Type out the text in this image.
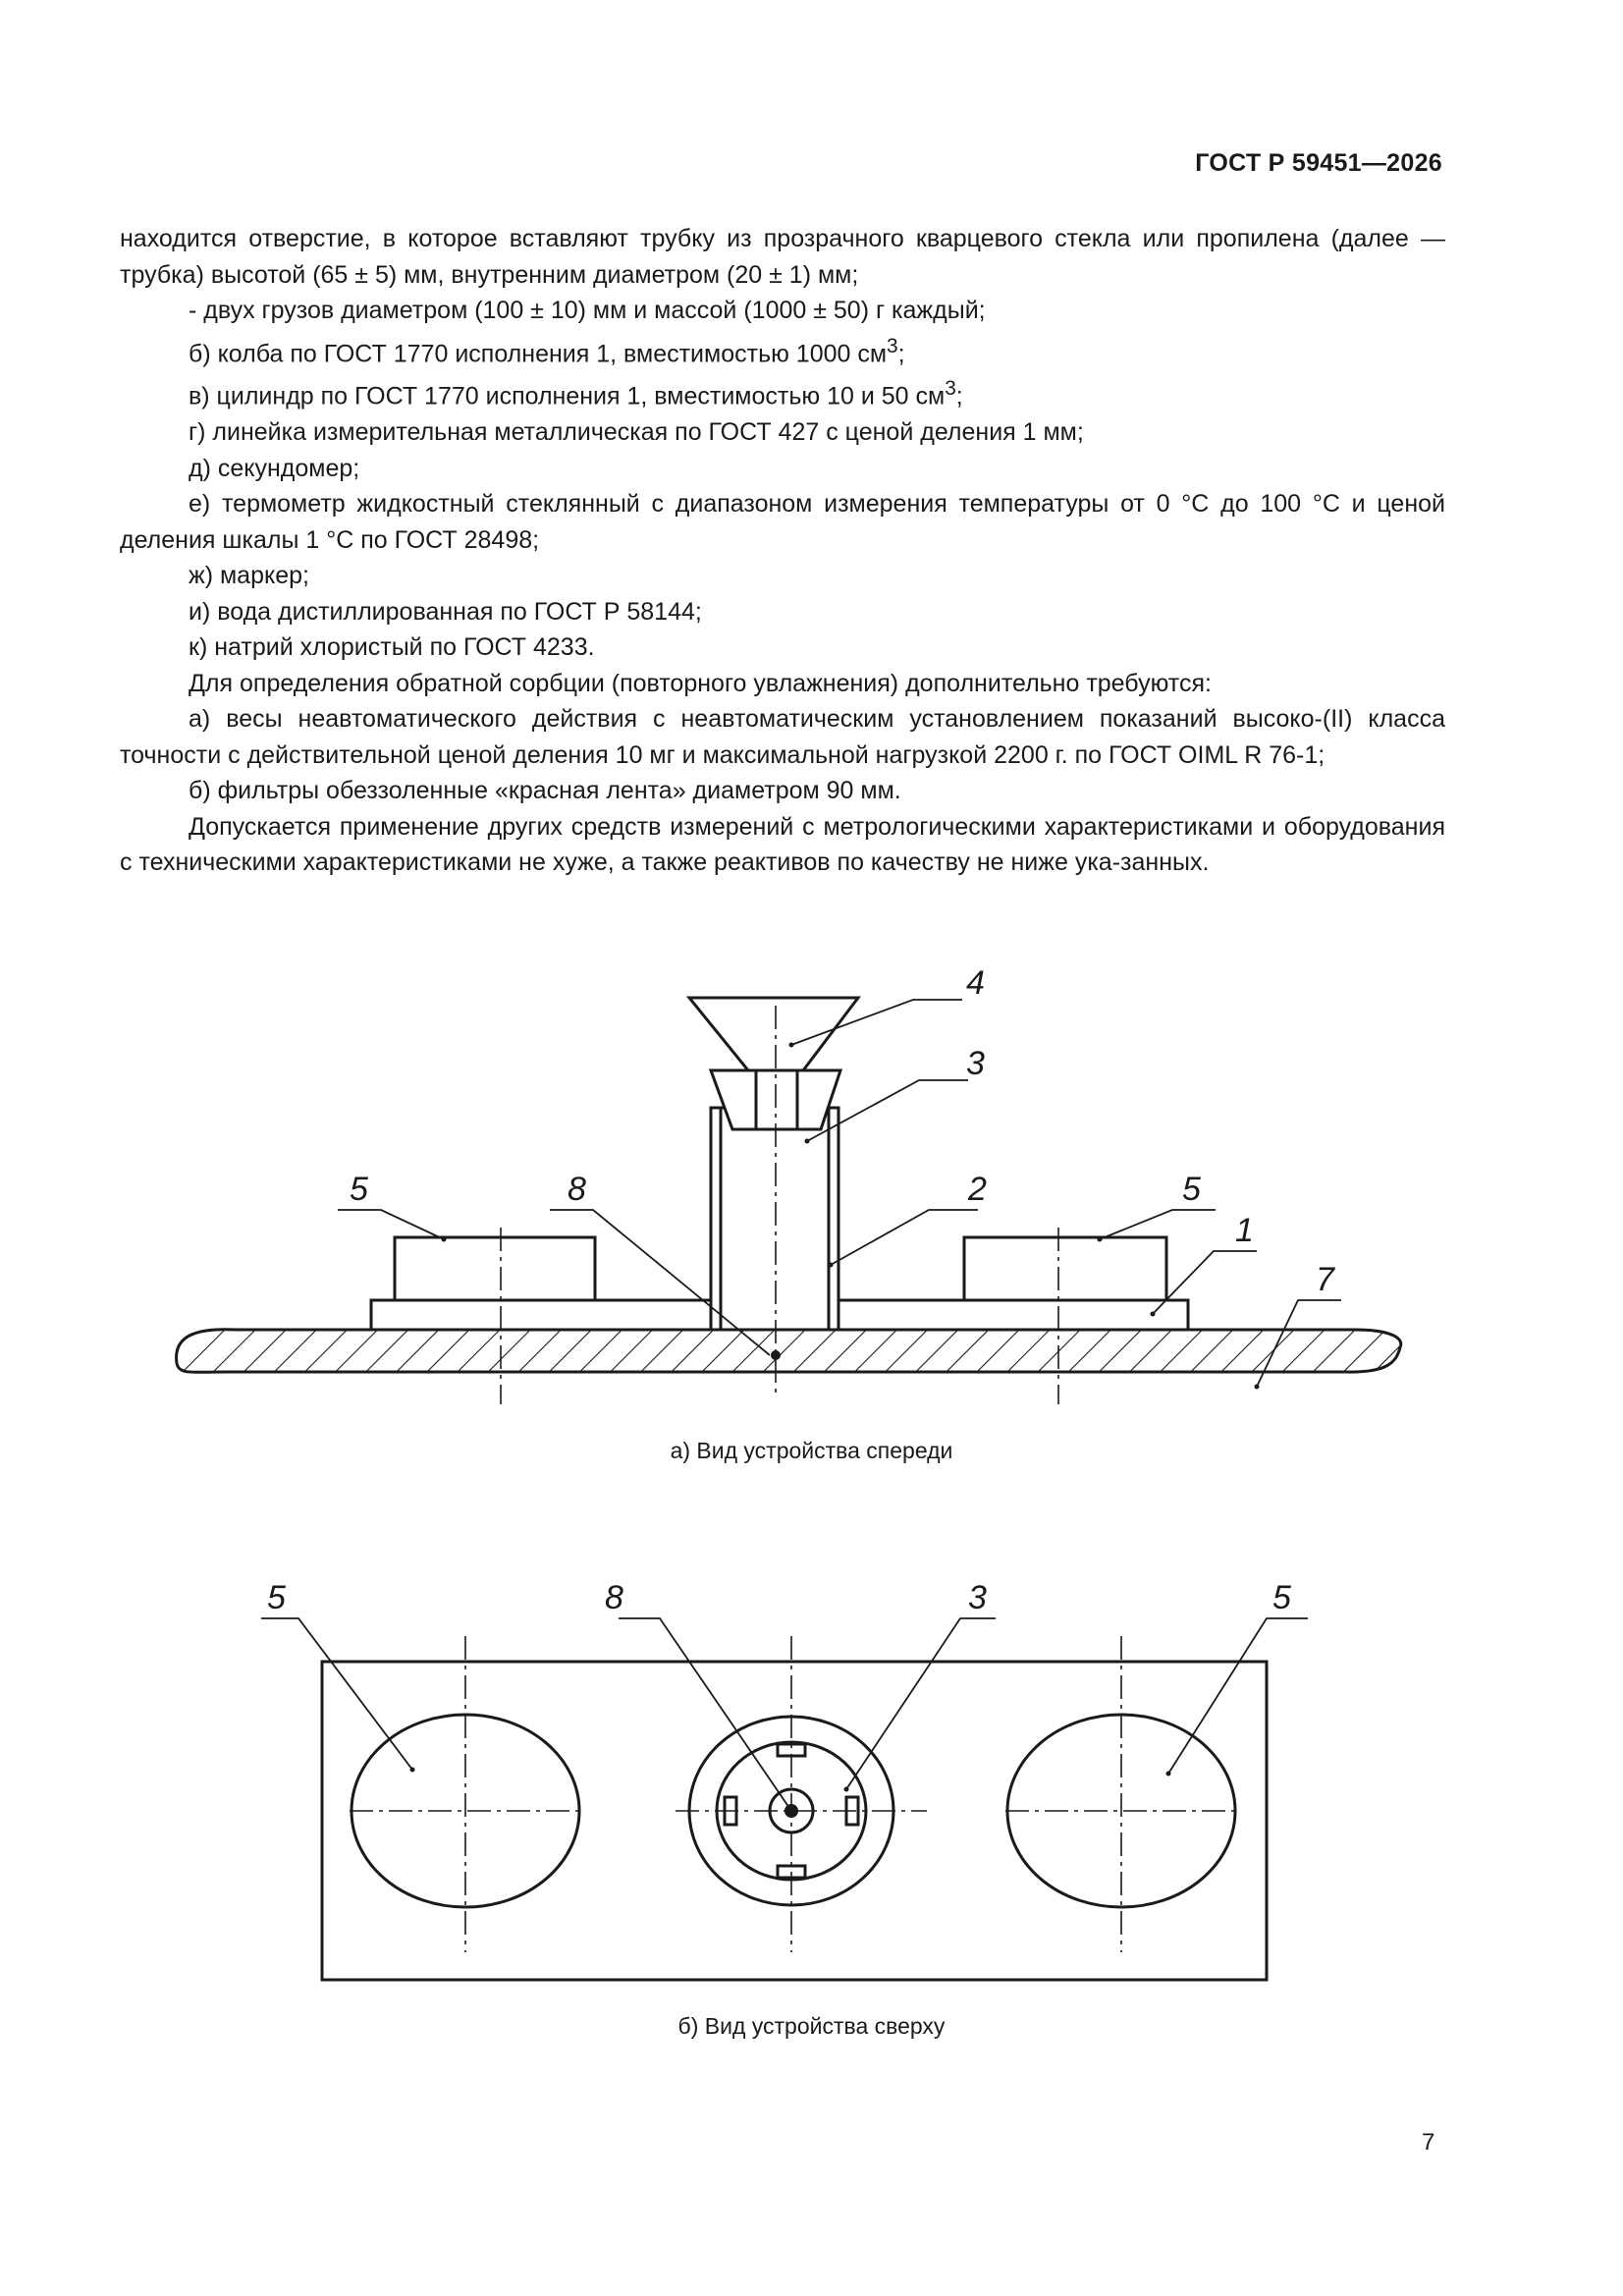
ГОСТ Р 59451—2026

находится отверстие, в которое вставляют трубку из прозрачного кварцевого стекла или пропилена (далее — трубка) высотой (65 ± 5) мм, внутренним диаметром (20 ± 1) мм;

- двух грузов диаметром (100 ± 10) мм и массой (1000 ± 50) г каждый;

б) колба по ГОСТ 1770 исполнения 1, вместимостью 1000 $см^3$;

в) цилиндр по ГОСТ 1770 исполнения 1, вместимостью 10 и 50 $см^3$;

г) линейка измерительная металлическая по ГОСТ 427 с ценой деления 1 мм;

д) секундомер;

е) термометр жидкостный стеклянный с диапазоном измерения температуры от 0 °С до 100 °С и ценой деления шкалы 1 °С по ГОСТ 28498;

ж) маркер;

и) вода дистиллированная по ГОСТ Р 58144;

к) натрий хлористый по ГОСТ 4233.

Для определения обратной сорбции (повторного увлажнения) дополнительно требуются:

а) весы неавтоматического действия с неавтоматическим установлением показаний высоко-(II) класса точности с действительной ценой деления 10 мг и максимальной нагрузкой 2200 г. по ГОСТ OIML R 76-1;

б) фильтры обеззоленные «красная лента» диаметром 90 мм.

Допускается применение других средств измерений с метрологическими характеристиками и оборудования с техническими характеристиками не хуже, а также реактивов по качеству не ниже ука-занных.

4
3
5	8	2	5
1
7
а) Вид устройства спереди
5	8	3	5
б) Вид устройства сверху
7
